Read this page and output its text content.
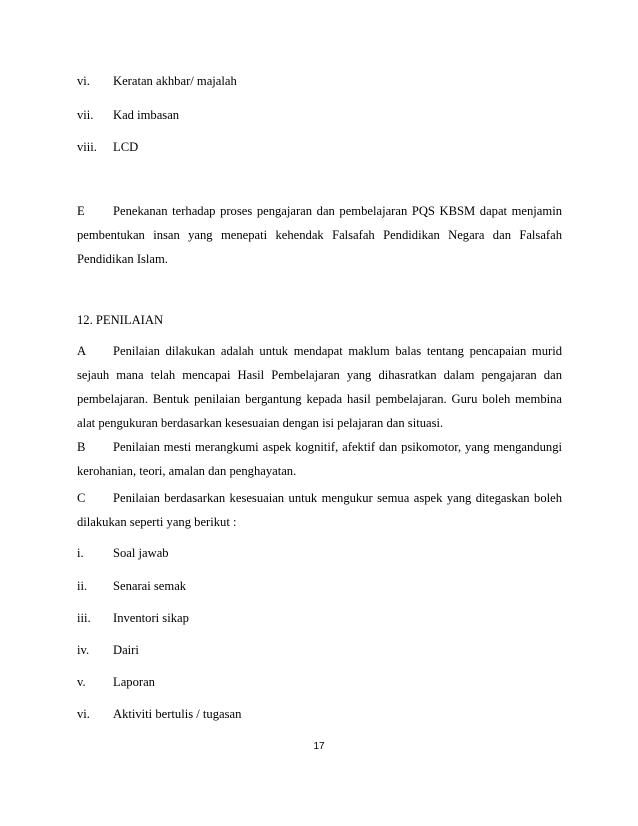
vi. Keratan akhbar/ majalah
vii. Kad imbasan
viii. LCD
E Penekanan terhadap proses pengajaran dan pembelajaran PQS KBSM dapat menjamin pembentukan insan yang menepati kehendak Falsafah Pendidikan Negara dan Falsafah Pendidikan Islam.
12. PENILAIAN
A Penilaian dilakukan adalah untuk mendapat maklum balas tentang pencapaian murid sejauh mana telah mencapai Hasil Pembelajaran yang dihasratkan dalam pengajaran dan pembelajaran. Bentuk penilaian bergantung kepada hasil pembelajaran. Guru boleh membina alat pengukuran berdasarkan kesesuaian dengan isi pelajaran dan situasi.
B Penilaian mesti merangkumi aspek kognitif, afektif dan psikomotor, yang mengandungi kerohanian, teori, amalan dan penghayatan.
C Penilaian berdasarkan kesesuaian untuk mengukur semua aspek yang ditegaskan boleh dilakukan seperti yang berikut :
i. Soal jawab
ii. Senarai semak
iii. Inventori sikap
iv. Dairi
v. Laporan
vi. Aktiviti bertulis / tugasan
17
